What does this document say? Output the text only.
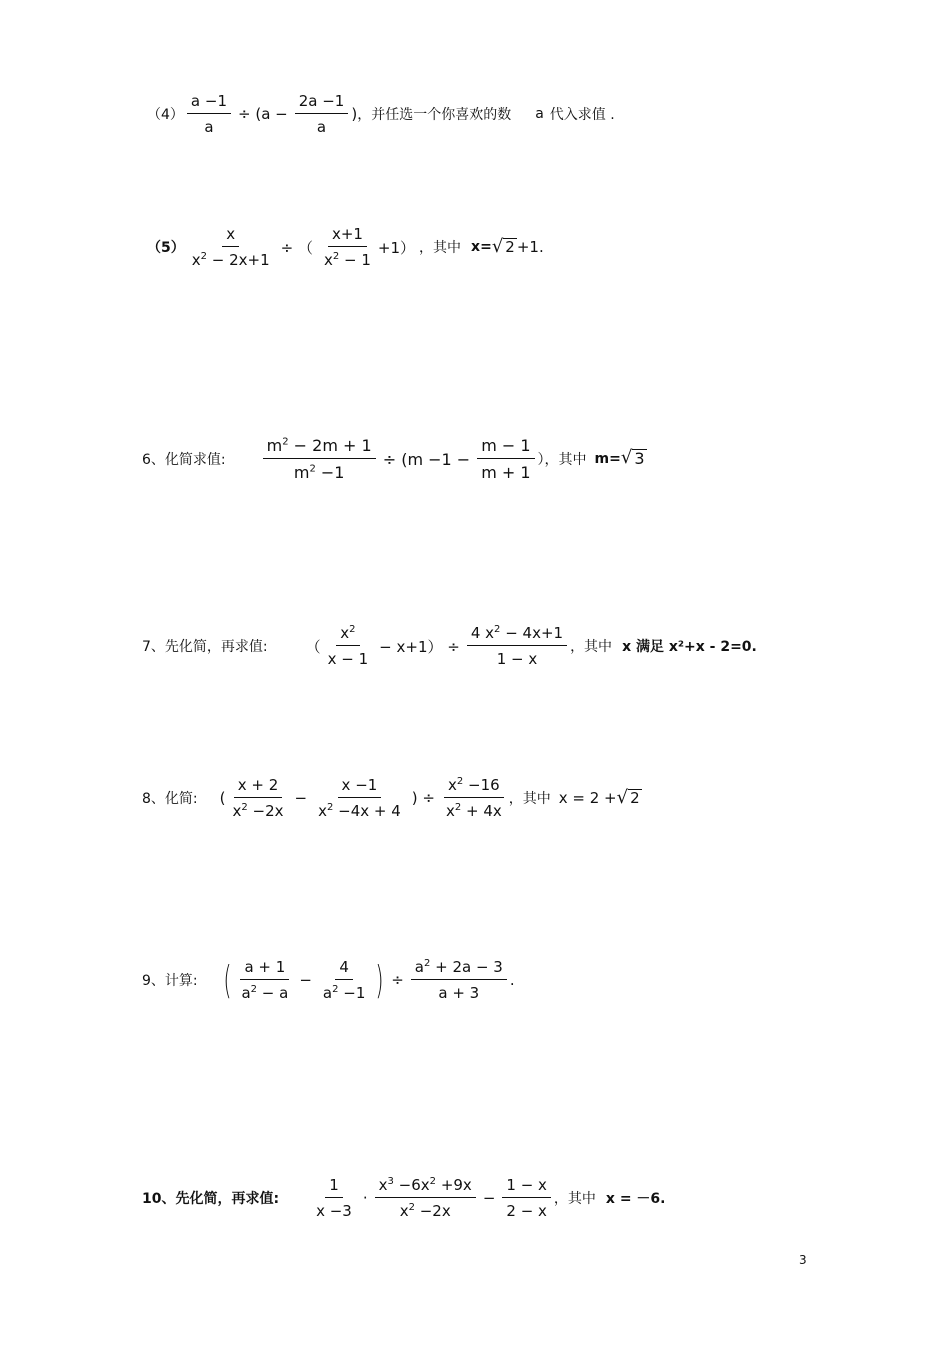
$(4) \frac{a -1}{a} \div (a - \frac{2a -1}{a}$ ) ，并任选一个你喜欢的数 a 代入求值 .
$(5) \frac{x}{x^2 - 2x+1}$ ÷ （ $\frac{x+1}{x^2 - 1} +1$） ，其中 x= √ 2 +1.
6、化简求值: $\frac{m^2 - 2m + 1}{m^2 -1} \div (m -1 - \frac{m - 1}{m + 1}$ ），其中 m= √ 3
7、先化简，再求值:	（ $\frac{x^2}{x - 1} - x+1) \div \frac{4 x^2 - 4x+1}{1 - x}$ ，其中 x 满足 x²+x - 2=0.
8、化简: ( $\frac{x + 2}{x^2 -2x} - \frac{x -1}{x^2 -4x + 4}$ ) ÷ $\frac{x^2 -16}{x^2 + 4x}$ ，其中 x = 2 + √ 2
9、计算: ( $\frac{a + 1}{a^2 - a} - \frac{4}{a^2 -1}$ ) ÷ $\frac{a^2 + 2a - 3}{a + 3}$ .
10、先化简，再求值: $\frac{1}{x -3} \cdot \frac{x^3 -6x^2 +9x}{x^2 -2x} - \frac{1 - x}{2 - x}$ ，其中 x = －6.
3
